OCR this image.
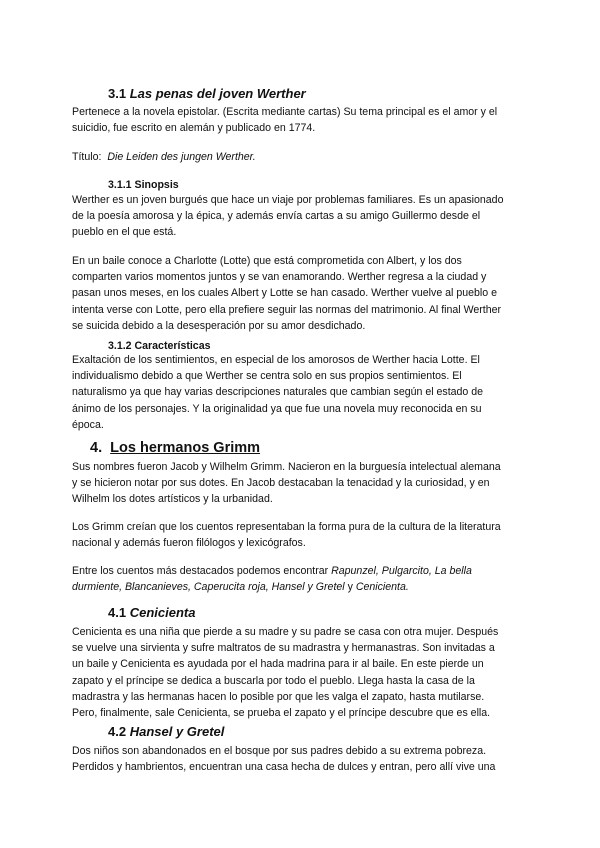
3.1 Las penas del joven Werther

Pertenece a la novela epistolar. (Escrita mediante cartas) Su tema principal es el amor y el
suicidio, fue escrito en alemán y publicado en 1774.

Título: Die Leiden des jungen Werther.

3.1.1 Sinopsis

Werther es un joven burgués que hace un viaje por problemas familiares. Es un apasionado
de la poesía amorosa y la épica, y además envía cartas a su amigo Guillermo desde el
pueblo en el que está.

En un baile conoce a Charlotte (Lotte) que está comprometida con Albert, y los dos
comparten varios momentos juntos y se van enamorando. Werther regresa a la ciudad y
pasan unos meses, en los cuales Albert y Lotte se han casado. Werther vuelve al pueblo e
intenta verse con Lotte, pero ella prefiere seguir las normas del matrimonio. Al final Werther
se suicida debido a la desesperación por su amor desdichado.

3.1.2 Características

Exaltación de los sentimientos, en especial de los amorosos de Werther hacia Lotte. El
individualismo debido a que Werther se centra solo en sus propios sentimientos. El
naturalismo ya que hay varias descripciones naturales que cambian según el estado de
ánimo de los personajes. Y la originalidad ya que fue una novela muy reconocida en su
época.

4. Los hermanos Grimm

Sus nombres fueron Jacob y Wilhelm Grimm. Nacieron en la burguesía intelectual alemana
y se hicieron notar por sus dotes. En Jacob destacaban la tenacidad y la curiosidad, y en
Wilhelm los dotes artísticos y la urbanidad.

Los Grimm creían que los cuentos representaban la forma pura de la cultura de la literatura
nacional y además fueron filólogos y lexicógrafos.

Entre los cuentos más destacados podemos encontrar Rapunzel, Pulgarcito, La bella
durmiente, Blancanieves, Caperucita roja, Hansel y Gretel y Cenicienta.

4.1 Cenicienta

Cenicienta es una niña que pierde a su madre y su padre se casa con otra mujer. Después
se vuelve una sirvienta y sufre maltratos de su madrastra y hermanastras. Son invitadas a
un baile y Cenicienta es ayudada por el hada madrina para ir al baile. En este pierde un
zapato y el príncipe se dedica a buscarla por todo el pueblo. Llega hasta la casa de la
madrastra y las hermanas hacen lo posible por que les valga el zapato, hasta mutilarse.
Pero, finalmente, sale Cenicienta, se prueba el zapato y el príncipe descubre que es ella.

4.2 Hansel y Gretel

Dos niños son abandonados en el bosque por sus padres debido a su extrema pobreza.
Perdidos y hambrientos, encuentran una casa hecha de dulces y entran, pero allí vive una
